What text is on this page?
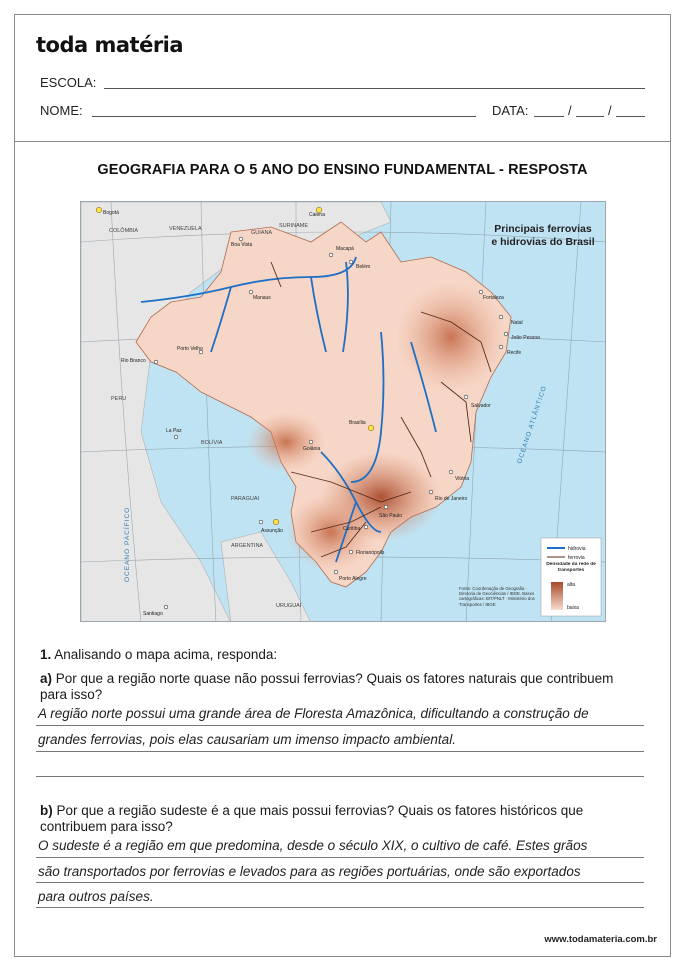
toda matéria
ESCOLA:
NOME:	DATA:	/	/
GEOGRAFIA PARA O 5 ANO DO ENSINO FUNDAMENTAL - RESPOSTA
Principais ferrovias
e hidrovias do Brasil
COLÔMBIA	VENEZUELA
GUIANA
SURINAME
PERU
BOLÍVIA
PARAGUAI
ARGENTINA
URUGUAI
Bogotá	Caiena
Boa Vista
Macapá
Belém
Manaus	Fortaleza
Natal
João Pessoa
Recife
Porto Velho
Rio Branco
Salvador
La Paz
Brasília
Goiânia
Vitória
Rio de Janeiro
São Paulo
Curitiba
Assunção
Florianópolis
Porto Alegre
Santiago
OCEANO ATLÂNTICO
OCEANO PACÍFICO	hidrovia
ferrovia
Densidade da rede de transportes
alta
baixa
Fonte: Coordenação de Geografia · Diretoria de Geociências / IBGE. Bases cartográficas: BIT/PNLT · Ministério dos Transportes / IBGE
1. Analisando o mapa acima, responda:
a) Por que a região norte quase não possui ferrovias? Quais os fatores naturais que contribuem
para isso?
A região norte possui uma grande área de Floresta Amazônica, dificultando a construção de
grandes ferrovias, pois elas causariam um imenso impacto ambiental.
b) Por que a região sudeste é a que mais possui ferrovias? Quais os fatores históricos que
contribuem para isso?
O sudeste é a região em que predomina, desde o século XIX, o cultivo de café. Estes grãos
são transportados por ferrovias e levados para as regiões portuárias, onde são exportados
para outros países.
www.todamateria.com.br
